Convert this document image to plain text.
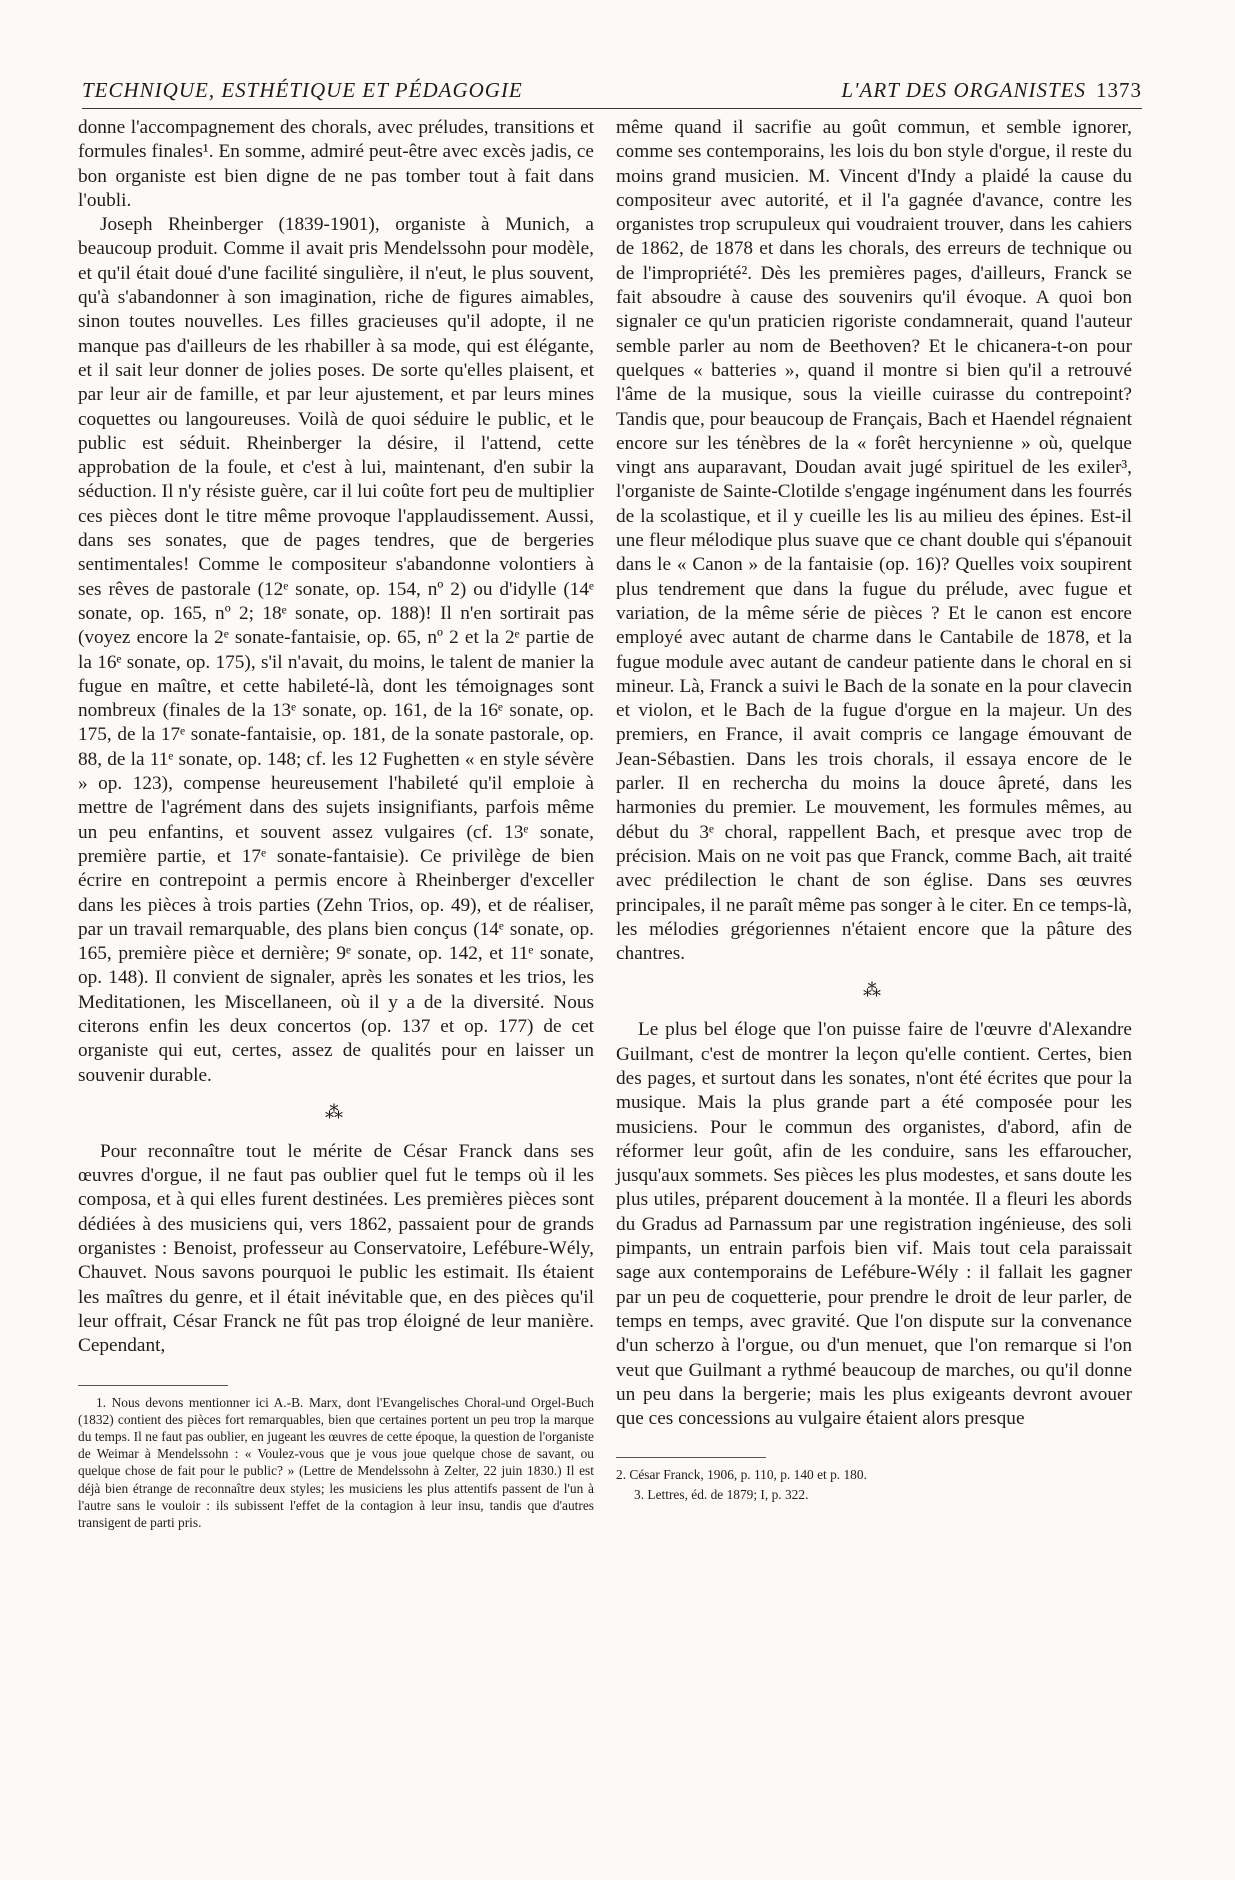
TECHNIQUE, ESTHÉTIQUE ET PÉDAGOGIE	L'ART DES ORGANISTES 1373

donne l'accompagnement des chorals, avec préludes, transitions et formules finales¹. En somme, admiré peut-être avec excès jadis, ce bon organiste est bien digne de ne pas tomber tout à fait dans l'oubli.

Joseph Rheinberger (1839-1901), organiste à Munich, a beaucoup produit. Comme il avait pris Mendelssohn pour modèle, et qu'il était doué d'une facilité singulière, il n'eut, le plus souvent, qu'à s'abandonner à son imagination, riche de figures aimables, sinon toutes nouvelles. Les filles gracieuses qu'il adopte, il ne manque pas d'ailleurs de les rhabiller à sa mode, qui est élégante, et il sait leur donner de jolies poses. De sorte qu'elles plaisent, et par leur air de famille, et par leur ajustement, et par leurs mines coquettes ou langoureuses. Voilà de quoi séduire le public, et le public est séduit. Rheinberger la désire, il l'attend, cette approbation de la foule, et c'est à lui, maintenant, d'en subir la séduction. Il n'y résiste guère, car il lui coûte fort peu de multiplier ces pièces dont le titre même provoque l'applaudissement. Aussi, dans ses sonates, que de pages tendres, que de bergeries sentimentales! Comme le compositeur s'abandonne volontiers à ses rêves de pastorale (12ᵉ sonate, op. 154, nº 2) ou d'idylle (14ᵉ sonate, op. 165, nº 2; 18ᵉ sonate, op. 188)! Il n'en sortirait pas (voyez encore la 2ᵉ sonate-fantaisie, op. 65, nº 2 et la 2ᵉ partie de la 16ᵉ sonate, op. 175), s'il n'avait, du moins, le talent de manier la fugue en maître, et cette habileté-là, dont les témoignages sont nombreux (finales de la 13ᵉ sonate, op. 161, de la 16ᵉ sonate, op. 175, de la 17ᵉ sonate-fantaisie, op. 181, de la sonate pastorale, op. 88, de la 11ᵉ sonate, op. 148; cf. les 12 Fughetten « en style sévère » op. 123), compense heureusement l'habileté qu'il emploie à mettre de l'agrément dans des sujets insignifiants, parfois même un peu enfantins, et souvent assez vulgaires (cf. 13ᵉ sonate, première partie, et 17ᵉ sonate-fantaisie). Ce privilège de bien écrire en contrepoint a permis encore à Rheinberger d'exceller dans les pièces à trois parties (Zehn Trios, op. 49), et de réaliser, par un travail remarquable, des plans bien conçus (14ᵉ sonate, op. 165, première pièce et dernière; 9ᵉ sonate, op. 142, et 11ᵉ sonate, op. 148). Il convient de signaler, après les sonates et les trios, les Meditationen, les Miscellaneen, où il y a de la diversité. Nous citerons enfin les deux concertos (op. 137 et op. 177) de cet organiste qui eut, certes, assez de qualités pour en laisser un souvenir durable.

⁂

Pour reconnaître tout le mérite de César Franck dans ses œuvres d'orgue, il ne faut pas oublier quel fut le temps où il les composa, et à qui elles furent destinées. Les premières pièces sont dédiées à des musiciens qui, vers 1862, passaient pour de grands organistes : Benoist, professeur au Conservatoire, Lefébure-Wély, Chauvet. Nous savons pourquoi le public les estimait. Ils étaient les maîtres du genre, et il était inévitable que, en des pièces qu'il leur offrait, César Franck ne fût pas trop éloigné de leur manière. Cependant,

1. Nous devons mentionner ici A.-B. Marx, dont l'Evangelisches Choral-und Orgel-Buch (1832) contient des pièces fort remarquables, bien que certaines portent un peu trop la marque du temps. Il ne faut pas oublier, en jugeant les œuvres de cette époque, la question de l'organiste de Weimar à Mendelssohn : « Voulez-vous que je vous joue quelque chose de savant, ou quelque chose de fait pour le public? » (Lettre de Mendelssohn à Zelter, 22 juin 1830.) Il est déjà bien étrange de reconnaître deux styles; les musiciens les plus attentifs passent de l'un à l'autre sans le vouloir : ils subissent l'effet de la contagion à leur insu, tandis que d'autres transigent de parti pris.

même quand il sacrifie au goût commun, et semble ignorer, comme ses contemporains, les lois du bon style d'orgue, il reste du moins grand musicien. M. Vincent d'Indy a plaidé la cause du compositeur avec autorité, et il l'a gagnée d'avance, contre les organistes trop scrupuleux qui voudraient trouver, dans les cahiers de 1862, de 1878 et dans les chorals, des erreurs de technique ou de l'impropriété². Dès les premières pages, d'ailleurs, Franck se fait absoudre à cause des souvenirs qu'il évoque. A quoi bon signaler ce qu'un praticien rigoriste condamnerait, quand l'auteur semble parler au nom de Beethoven? Et le chicanera-t-on pour quelques « batteries », quand il montre si bien qu'il a retrouvé l'âme de la musique, sous la vieille cuirasse du contrepoint? Tandis que, pour beaucoup de Français, Bach et Haendel régnaient encore sur les ténèbres de la « forêt hercynienne » où, quelque vingt ans auparavant, Doudan avait jugé spirituel de les exiler³, l'organiste de Sainte-Clotilde s'engage ingénument dans les fourrés de la scolastique, et il y cueille les lis au milieu des épines. Est-il une fleur mélodique plus suave que ce chant double qui s'épanouit dans le « Canon » de la fantaisie (op. 16)? Quelles voix soupirent plus tendrement que dans la fugue du prélude, avec fugue et variation, de la même série de pièces ? Et le canon est encore employé avec autant de charme dans le Cantabile de 1878, et la fugue module avec autant de candeur patiente dans le choral en si mineur. Là, Franck a suivi le Bach de la sonate en la pour clavecin et violon, et le Bach de la fugue d'orgue en la majeur. Un des premiers, en France, il avait compris ce langage émouvant de Jean-Sébastien. Dans les trois chorals, il essaya encore de le parler. Il en rechercha du moins la douce âpreté, dans les harmonies du premier. Le mouvement, les formules mêmes, au début du 3ᵉ choral, rappellent Bach, et presque avec trop de précision. Mais on ne voit pas que Franck, comme Bach, ait traité avec prédilection le chant de son église. Dans ses œuvres principales, il ne paraît même pas songer à le citer. En ce temps-là, les mélodies grégoriennes n'étaient encore que la pâture des chantres.

⁂

Le plus bel éloge que l'on puisse faire de l'œuvre d'Alexandre Guilmant, c'est de montrer la leçon qu'elle contient. Certes, bien des pages, et surtout dans les sonates, n'ont été écrites que pour la musique. Mais la plus grande part a été composée pour les musiciens. Pour le commun des organistes, d'abord, afin de réformer leur goût, afin de les conduire, sans les effaroucher, jusqu'aux sommets. Ses pièces les plus modestes, et sans doute les plus utiles, préparent doucement à la montée. Il a fleuri les abords du Gradus ad Parnassum par une registration ingénieuse, des soli pimpants, un entrain parfois bien vif. Mais tout cela paraissait sage aux contemporains de Lefébure-Wély : il fallait les gagner par un peu de coquetterie, pour prendre le droit de leur parler, de temps en temps, avec gravité. Que l'on dispute sur la convenance d'un scherzo à l'orgue, ou d'un menuet, que l'on remarque si l'on veut que Guilmant a rythmé beaucoup de marches, ou qu'il donne un peu dans la bergerie; mais les plus exigeants devront avouer que ces concessions au vulgaire étaient alors presque

2. César Franck, 1906, p. 110, p. 140 et p. 180.

3. Lettres, éd. de 1879; I, p. 322.
